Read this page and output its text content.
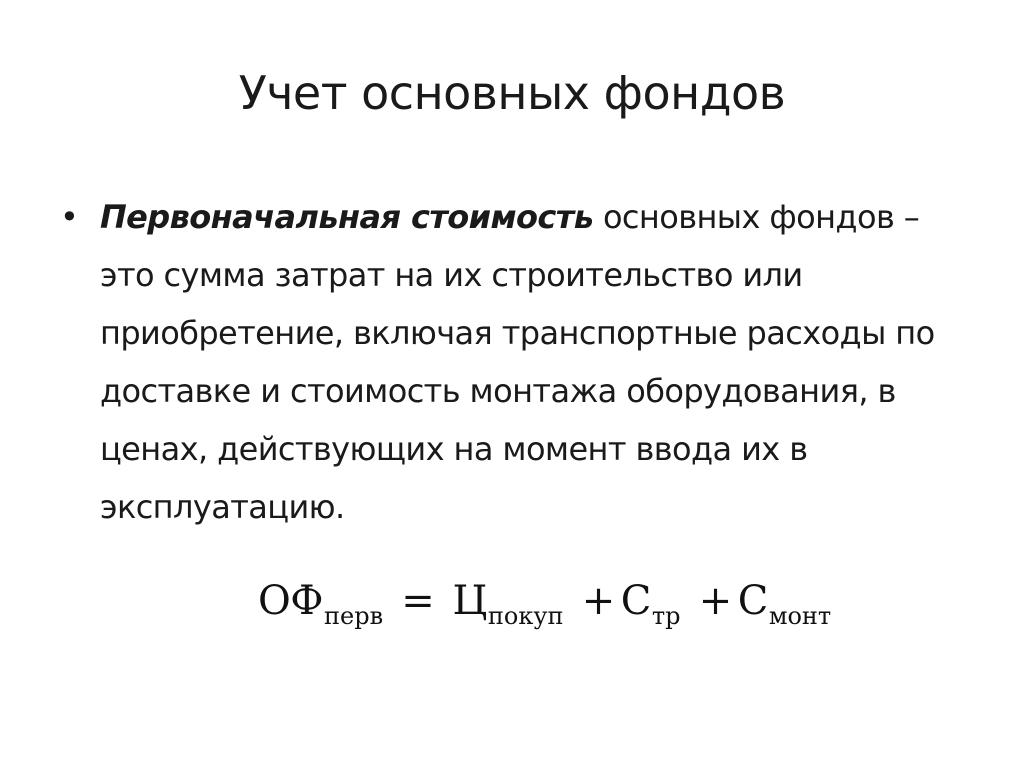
Учет основных фондов
• Первоначальная стоимость основных фондов – это сумма затрат на их строительство или приобретение, включая транспортные расходы по доставке и стоимость монтажа оборудования, в ценах, действующих на момент ввода их в эксплуатацию.

$ОФ_{перв} = Ц_{покуп} + С_{тр} + С_{монт}$
